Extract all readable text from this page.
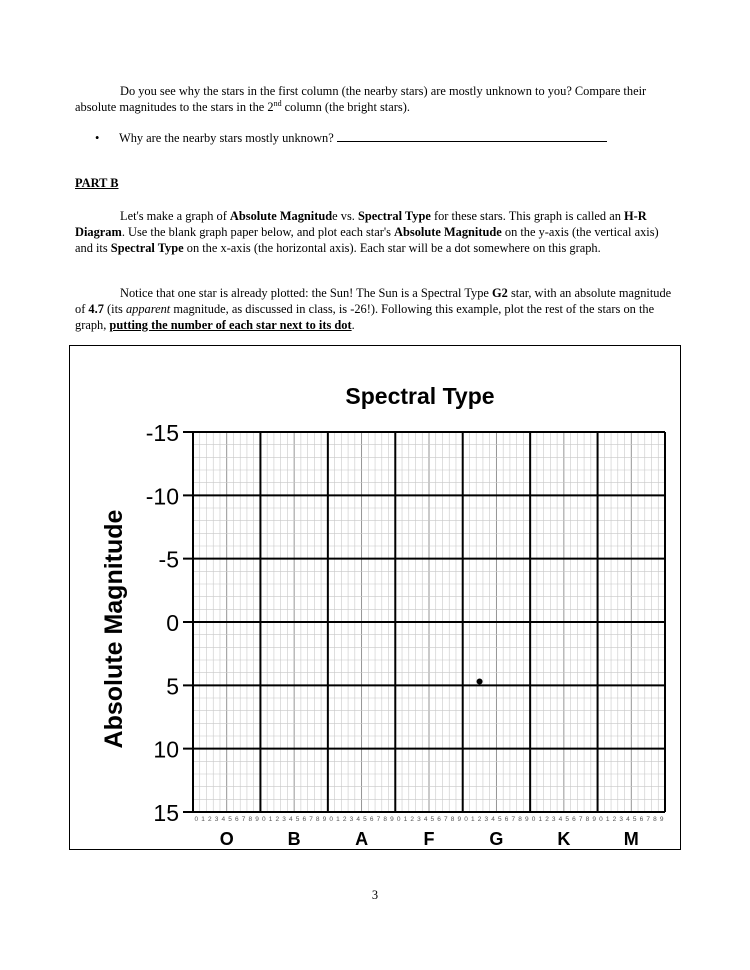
Do you see why the stars in the first column (the nearby stars) are mostly unknown to you? Compare their absolute magnitudes to the stars in the 2nd column (the bright stars).
• Why are the nearby stars mostly unknown?
PART B
Let's make a graph of Absolute Magnitude vs. Spectral Type for these stars. This graph is called an H-R Diagram. Use the blank graph paper below, and plot each star's Absolute Magnitude on the y-axis (the vertical axis) and its Spectral Type on the x-axis (the horizontal axis). Each star will be a dot somewhere on this graph.
Notice that one star is already plotted: the Sun! The Sun is a Spectral Type G2 star, with an absolute magnitude of 4.7 (its apparent magnitude, as discussed in class, is -26!). Following this example, plot the rest of the stars on the graph, putting the number of each star next to its dot.
Spectral Type
Absolute Magnitude
-15
-10
-5
0
5
10
15 0 1 2 3 4 5 6 7 8 9 0 1 2 3 4 5 6 7 8 9 0 1 2 3 4 5 6 7 8 9 0 1 2 3 4 5 6 7 8 9 0 1 2 3 4 5 6 7 8 9 0 1 2 3 4 5 6 7 8 9 0 1 2 3 4 5 6 7 8 9
O	B	A	F	G	K	M
3
